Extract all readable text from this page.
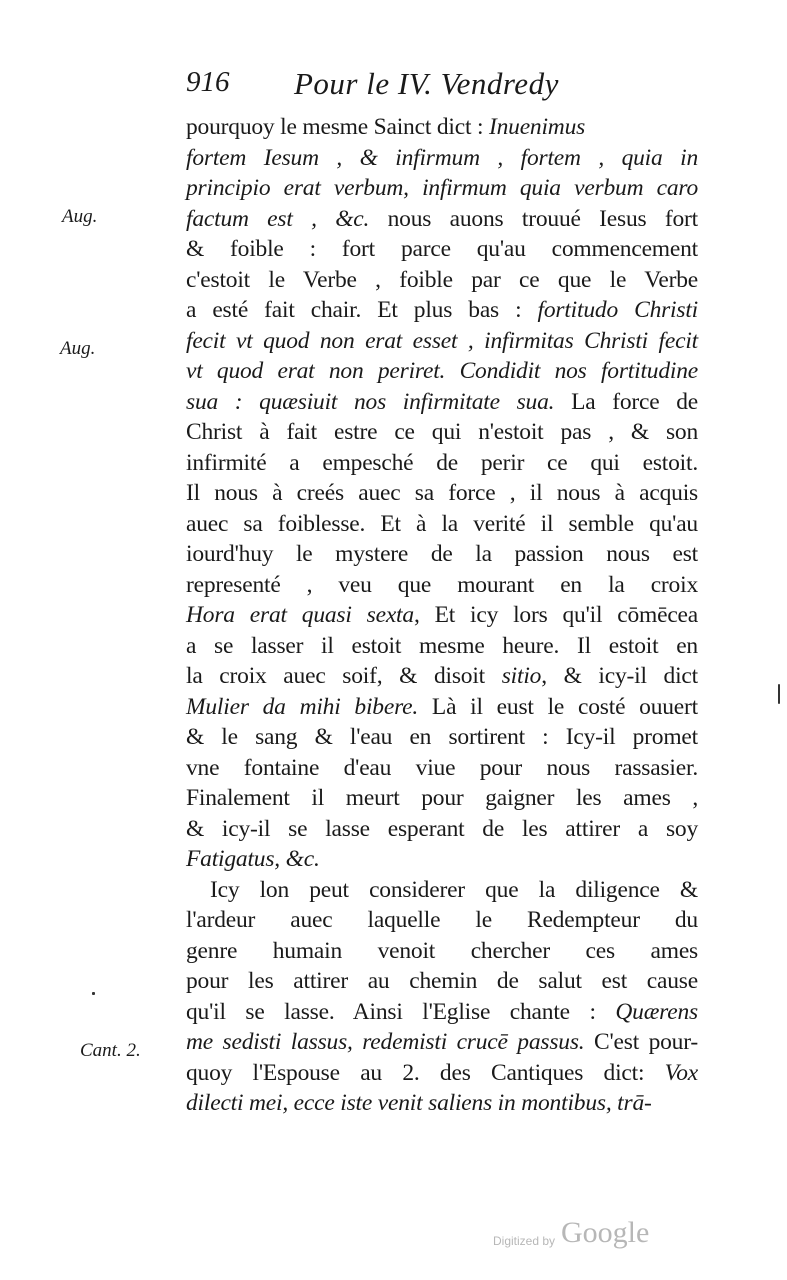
916 Pour le IV. Vendredy
Aug.
Aug.
Cant. 2.
pourquoy le mesme Sainct dict : Inuenimus
fortem Iesum , & infirmum , fortem , quia in
principio erat verbum, infirmum quia verbum caro
factum est , &c. nous auons trouué Iesus fort
& foible : fort parce qu'au commencement
c'estoit le Verbe , foible par ce que le Verbe
a esté fait chair. Et plus bas : fortitudo Christi
fecit vt quod non erat esset , infirmitas Christi fecit
vt quod erat non periret. Condidit nos fortitudine
sua : quæsiuit nos infirmitate sua. La force de
Christ à fait estre ce qui n'estoit pas , & son
infirmité a empesché de perir ce qui estoit.
Il nous à creés auec sa force , il nous à acquis
auec sa foiblesse. Et à la verité il semble qu'au
iourd'huy le mystere de la passion nous est
representé , veu que mourant en la croix
Hora erat quasi sexta, Et icy lors qu'il cōmēcea
a se lasser il estoit mesme heure. Il estoit en
la croix auec soif, & disoit sitio, & icy-il dict
Mulier da mihi bibere. Là il eust le costé ouuert
& le sang & l'eau en sortirent : Icy-il promet
vne fontaine d'eau viue pour nous rassasier.
Finalement il meurt pour gaigner les ames ,
& icy-il se lasse esperant de les attirer a soy
Fatigatus, &c.
Icy lon peut considerer que la diligence &
l'ardeur auec laquelle le Redempteur du
genre humain venoit chercher ces ames
pour les attirer au chemin de salut est cause
qu'il se lasse. Ainsi l'Eglise chante : Quærens
me sedisti lassus, redemisti crucē passus. C'est pour-
quoy l'Espouse au 2. des Cantiques dict: Vox
dilecti mei, ecce iste venit saliens in montibus, trā-
Digitized by Google
